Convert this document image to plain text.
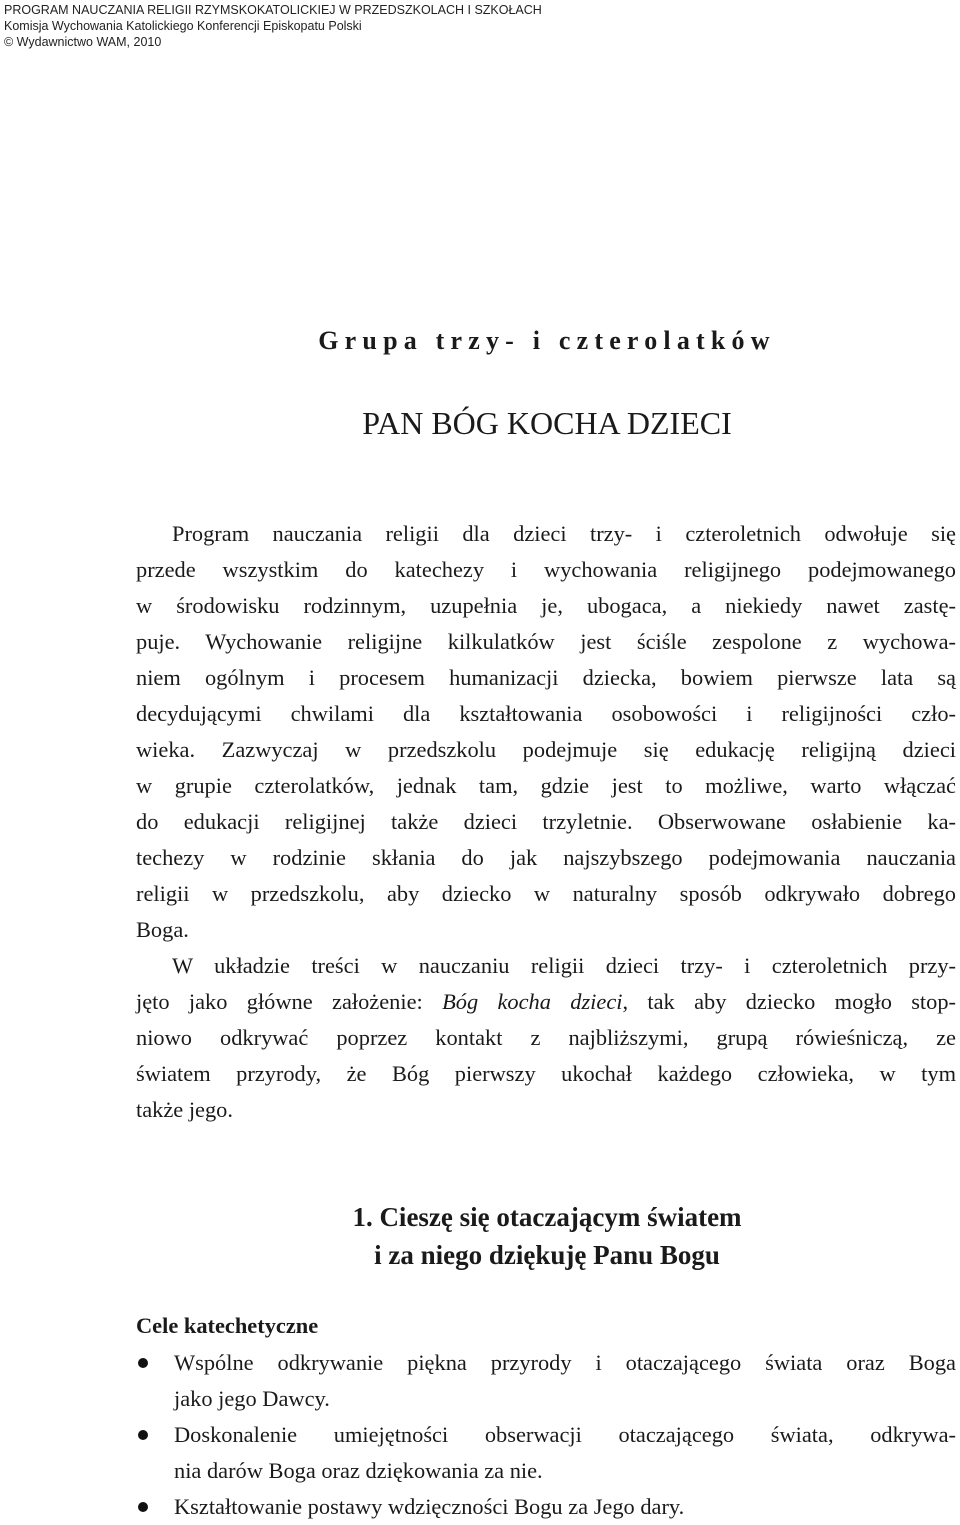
PROGRAM NAUCZANIA RELIGII RZYMSKOKATOLICKIEJ W PRZEDSZKOLACH I SZKOŁACH
Komisja Wychowania Katolickiego Konferencji Episkopatu Polski
© Wydawnictwo WAM, 2010
Grupa trzy- i czterolatków
PAN BÓG KOCHA DZIECI
Program nauczania religii dla dzieci trzy- i czteroletnich odwołuje się
przede wszystkim do katechezy i wychowania religijnego podejmowanego
w środowisku rodzinnym, uzupełnia je, ubogaca, a niekiedy nawet zastę-
puje. Wychowanie religijne kilkulatków jest ściśle zespolone z wychowa-
niem ogólnym i procesem humanizacji dziecka, bowiem pierwsze lata są
decydującymi chwilami dla kształtowania osobowości i religijności czło-
wieka. Zazwyczaj w przedszkolu podejmuje się edukację religijną dzieci
w grupie czterolatków, jednak tam, gdzie jest to możliwe, warto włączać
do edukacji religijnej także dzieci trzyletnie. Obserwowane osłabienie ka-
techezy w rodzinie skłania do jak najszybszego podejmowania nauczania
religii w przedszkolu, aby dziecko w naturalny sposób odkrywało dobrego
Boga.
W układzie treści w nauczaniu religii dzieci trzy- i czteroletnich przy-
jęto jako główne założenie: Bóg kocha dzieci, tak aby dziecko mogło stop-
niowo odkrywać poprzez kontakt z najbliższymi, grupą rówieśniczą, ze
światem przyrody, że Bóg pierwszy ukochał każdego człowieka, w tym
także jego.
1. Cieszę się otaczającym światem
i za niego dziękuję Panu Bogu
Cele katechetyczne
Wspólne odkrywanie piękna przyrody i otaczającego świata oraz Boga
jako jego Dawcy.
Doskonalenie umiejętności obserwacji otaczającego świata, odkrywa-
nia darów Boga oraz dziękowania za nie.
Kształtowanie postawy wdzięczności Bogu za Jego dary.
